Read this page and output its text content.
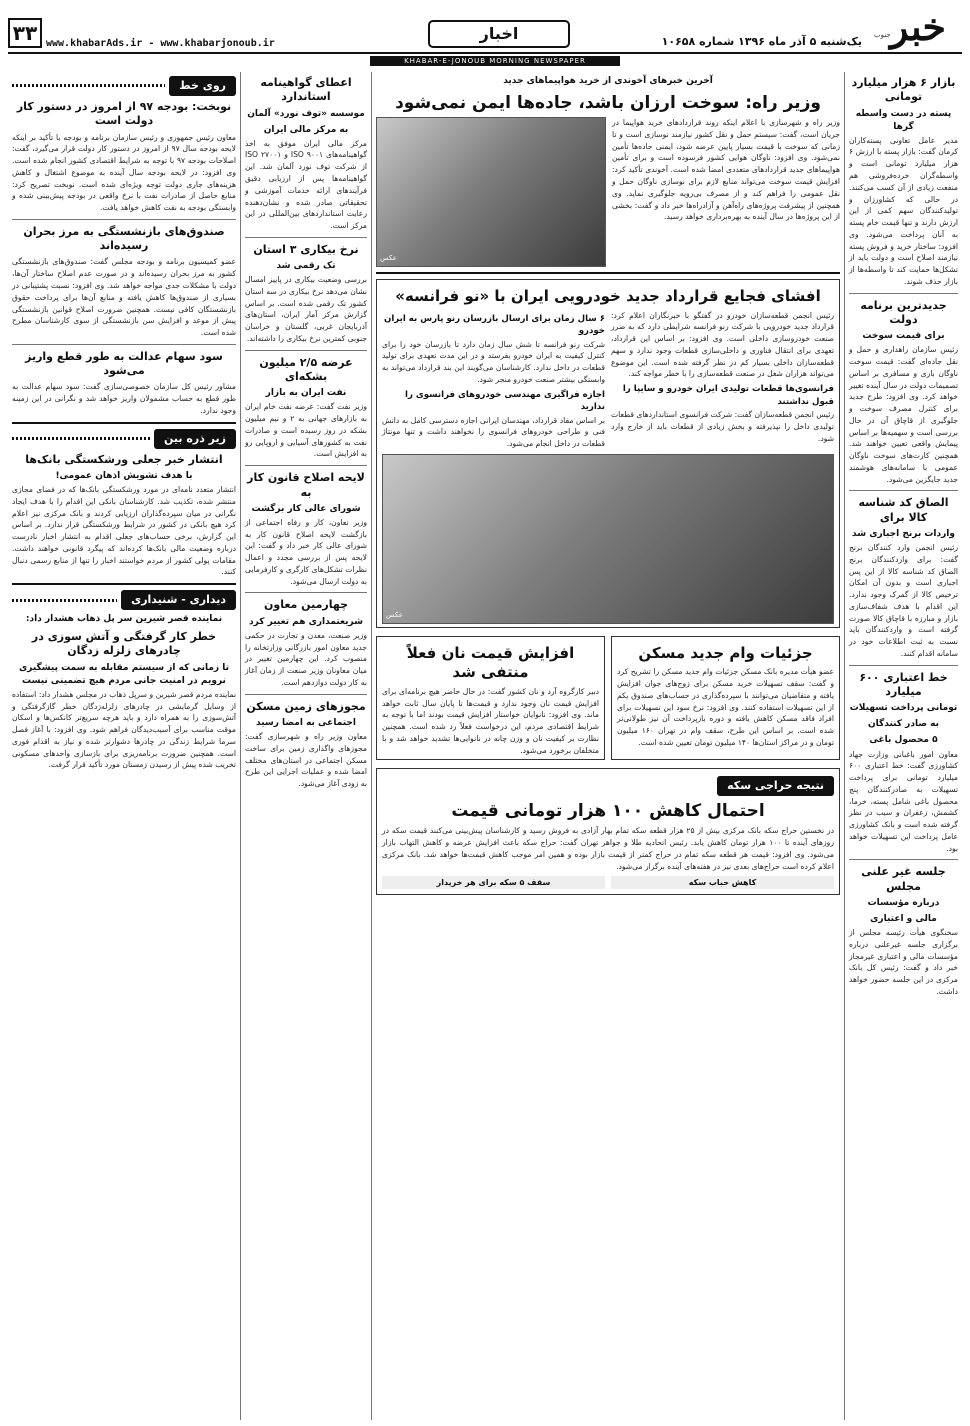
خبر
جنوب
یک‌شنبه ۵ آذر ماه ۱۳۹۶ شماره ۱۰۶۵۸
اخبار
www.khabarAds.ir - www.khabarjonoub.ir
۳۳
KHABAR-E-JONOUB MORNING NEWSPAPER
بازار ۶ هزار میلیارد تومانی
پسته در دست واسطه گرها
مدیر عامل تعاونی پسته‌کاران کرمان گفت: بازار پسته با ارزش ۶ هزار میلیارد تومانی است و واسطه‌گران خرده‌فروشی هم منفعت زیادی از آن کسب می‌کنند. در حالی که کشاورزان و تولیدکنندگان سهم کمی از این ارزش دارند و تنها قیمت خام پسته به آنان پرداخت می‌شود. وی افزود: ساختار خرید و فروش پسته نیازمند اصلاح است و دولت باید از تشکل‌ها حمایت کند تا واسطه‌ها از بازار حذف شوند.
جدیدترین برنامه دولت
برای قیمت سوخت
رئیس سازمان راهداری و حمل و نقل جاده‌ای گفت: قیمت سوخت ناوگان باری و مسافری بر اساس تصمیمات دولت در سال آینده تغییر خواهد کرد. وی افزود: طرح جدید برای کنترل مصرف سوخت و جلوگیری از قاچاق آن در حال بررسی است و سهمیه‌ها بر اساس پیمایش واقعی تعیین خواهند شد. همچنین کارت‌های سوخت ناوگان عمومی با سامانه‌های هوشمند جدید جایگزین می‌شود.
الصاق کد شناسه کالا برای
واردات برنج اجباری شد
رئیس انجمن وارد کنندگان برنج گفت: برای واردکنندگان برنج الصاق کد شناسه کالا از این پس اجباری است و بدون آن امکان ترخیص کالا از گمرک وجود ندارد. این اقدام با هدف شفاف‌سازی بازار و مبارزه با قاچاق کالا صورت گرفته است و واردکنندگان باید نسبت به ثبت اطلاعات خود در سامانه اقدام کنند.
خط اعتباری ۶۰۰ میلیارد
تومانی پرداخت تسهیلات
به صادر کنندگان
۵ محصول باغی
معاون امور باغبانی وزارت جهاد کشاورزی گفت: خط اعتباری ۶۰۰ میلیارد تومانی برای پرداخت تسهیلات به صادرکنندگان پنج محصول باغی شامل پسته، خرما، کشمش، زعفران و سیب در نظر گرفته شده است و بانک کشاورزی عامل پرداخت این تسهیلات خواهد بود.
جلسه غیر علنی مجلس
درباره مؤسسات
مالی و اعتباری
سخنگوی هیأت رئیسه مجلس از برگزاری جلسه غیرعلنی درباره مؤسسات مالی و اعتباری غیرمجاز خبر داد و گفت: رئیس کل بانک مرکزی در این جلسه حضور خواهد داشت.
آخرین خبرهای آخوندی از خرید هواپیماهای جدید
وزیر راه: سوخت ارزان باشد، جاده‌ها ایمن نمی‌شود
وزیر راه و شهرسازی با اعلام اینکه روند قراردادهای خرید هواپیما در جریان است، گفت: سیستم حمل و نقل کشور نیازمند نوسازی است و تا زمانی که سوخت با قیمت بسیار پایین عرضه شود، ایمنی جاده‌ها تأمین نمی‌شود. وی افزود: ناوگان هوایی کشور فرسوده است و برای تأمین هواپیماهای جدید قراردادهای متعددی امضا شده است. آخوندی تأکید کرد: افزایش قیمت سوخت می‌تواند منابع لازم برای نوسازی ناوگان حمل و نقل عمومی را فراهم کند و از مصرف بی‌رویه جلوگیری نماید. وی همچنین از پیشرفت پروژه‌های راه‌آهن و آزادراه‌ها خبر داد و گفت: بخشی از این پروژه‌ها در سال آینده به بهره‌برداری خواهد رسید.
عکس
افشای فجایع قرارداد جدید خودرویی ایران با «نو فرانسه»
رئیس انجمن قطعه‌سازان خودرو در گفتگو با خبرنگاران اعلام کرد: قرارداد جدید خودرویی با شرکت رنو فرانسه شرایطی دارد که به ضرر صنعت خودروسازی داخلی است. وی افزود: بر اساس این قرارداد، تعهدی برای انتقال فناوری و داخلی‌سازی قطعات وجود ندارد و سهم قطعه‌سازان داخلی بسیار کم در نظر گرفته شده است. این موضوع می‌تواند هزاران شغل در صنعت قطعه‌سازی را با خطر مواجه کند.
فرانسوی‌ها قطعات تولیدی ایران خودرو و سایپا را قبول نداشتند
رئیس انجمن قطعه‌سازان گفت: شرکت فرانسوی استانداردهای قطعات تولیدی داخل را نپذیرفته و بخش زیادی از قطعات باید از خارج وارد شود.
۶ سال زمان برای ارسال بازرسان رنو پارس به ایران خودرو
شرکت رنو فرانسه تا شش سال زمان دارد تا بازرسان خود را برای کنترل کیفیت به ایران خودرو بفرستد و در این مدت تعهدی برای تولید قطعات در داخل ندارد. کارشناسان می‌گویند این بند قرارداد می‌تواند به وابستگی بیشتر صنعت خودرو منجر شود.
اجازه فراگیری مهندسی خودروهای فرانسوی را ندارید
بر اساس مفاد قرارداد، مهندسان ایرانی اجازه دسترسی کامل به دانش فنی و طراحی خودروهای فرانسوی را نخواهند داشت و تنها مونتاژ قطعات در داخل انجام می‌شود.
عکس
جزئیات وام جدید مسکن
عضو هیأت مدیره بانک مسکن جزئیات وام جدید مسکن را تشریح کرد و گفت: سقف تسهیلات خرید مسکن برای زوج‌های جوان افزایش یافته و متقاضیان می‌توانند با سپرده‌گذاری در حساب‌های صندوق یکم از این تسهیلات استفاده کنند. وی افزود: نرخ سود این تسهیلات برای افراد فاقد مسکن کاهش یافته و دوره بازپرداخت آن نیز طولانی‌تر شده است. بر اساس این طرح، سقف وام در تهران ۱۶۰ میلیون تومان و در مراکز استان‌ها ۱۴۰ میلیون تومان تعیین شده است.
افزایش قیمت نان فعلاً منتفی شد
دبیر کارگروه آرد و نان کشور گفت: در حال حاضر هیچ برنامه‌ای برای افزایش قیمت نان وجود ندارد و قیمت‌ها تا پایان سال ثابت خواهد ماند. وی افزود: نانوایان خواستار افزایش قیمت بودند اما با توجه به شرایط اقتصادی مردم، این درخواست فعلاً رد شده است. همچنین نظارت بر کیفیت نان و وزن چانه در نانوایی‌ها تشدید خواهد شد و با متخلفان برخورد می‌شود.
نتیجه حراجی سکه
احتمال کاهش ۱۰۰ هزار تومانی قیمت
در نخستین حراج سکه بانک مرکزی بیش از ۲۵ هزار قطعه سکه تمام بهار آزادی به فروش رسید و کارشناسان پیش‌بینی می‌کنند قیمت سکه در روزهای آینده تا ۱۰۰ هزار تومان کاهش یابد. رئیس اتحادیه طلا و جواهر تهران گفت: حراج سکه باعث افزایش عرضه و کاهش التهاب بازار می‌شود. وی افزود: قیمت هر قطعه سکه تمام در حراج کمتر از قیمت بازار بوده و همین امر موجب کاهش قیمت‌ها خواهد شد. بانک مرکزی اعلام کرده است حراج‌های بعدی نیز در هفته‌های آینده برگزار می‌شود.
کاهش حباب سکه
سقف ۵ سکه برای هر خریدار
اعطای گواهینامه استاندارد
موسسه «توف نورد» آلمان
به مرکز مالی ایران
مرکز مالی ایران موفق به اخذ گواهینامه‌های ISO ۹۰۰۱ و ISO ۲۷۰۰۱ از شرکت توف نورد آلمان شد. این گواهینامه‌ها پس از ارزیابی دقیق فرآیندهای ارائه خدمات آموزشی و تحقیقاتی صادر شده و نشان‌دهنده رعایت استانداردهای بین‌المللی در این مرکز است.
نرخ بیکاری ۳ استان
تک رقمی شد
بررسی وضعیت بیکاری در پاییز امسال نشان می‌دهد نرخ بیکاری در سه استان کشور تک رقمی شده است. بر اساس گزارش مرکز آمار ایران، استان‌های آذربایجان غربی، گلستان و خراسان جنوبی کمترین نرخ بیکاری را داشته‌اند.
عرضه ۲/۵ میلیون بشکه‌ای
نفت ایران به بازار
وزیر نفت گفت: عرضه نفت خام ایران به بازارهای جهانی به ۲ و نیم میلیون بشکه در روز رسیده است و صادرات نفت به کشورهای آسیایی و اروپایی رو به افزایش است.
لایحه اصلاح قانون کار به
شورای عالی کار برگشت
وزیر تعاون، کار و رفاه اجتماعی از بازگشت لایحه اصلاح قانون کار به شورای عالی کار خبر داد و گفت: این لایحه پس از بررسی مجدد و اعمال نظرات تشکل‌های کارگری و کارفرمایی به دولت ارسال می‌شود.
چهارمین معاون
شریعتمداری هم تغییر کرد
وزیر صنعت، معدن و تجارت در حکمی جدید معاون امور بازرگانی وزارتخانه را منصوب کرد. این چهارمین تغییر در میان معاونان وزیر صنعت از زمان آغاز به کار دولت دوازدهم است.
مجوزهای زمین مسکن
اجتماعی به امضا رسید
معاون وزیر راه و شهرسازی گفت: مجوزهای واگذاری زمین برای ساخت مسکن اجتماعی در استان‌های مختلف امضا شده و عملیات اجرایی این طرح به زودی آغاز می‌شود.
روی خط
نوبخت: بودجه ۹۷ از امروز در دستور کار دولت است
معاون رئیس جمهوری و رئیس سازمان برنامه و بودجه با تأکید بر اینکه لایحه بودجه سال ۹۷ از امروز در دستور کار دولت قرار می‌گیرد، گفت: اصلاحات بودجه ۹۷ با توجه به شرایط اقتصادی کشور انجام شده است. وی افزود: در لایحه بودجه سال آینده به موضوع اشتغال و کاهش هزینه‌های جاری دولت توجه ویژه‌ای شده است. نوبخت تصریح کرد: منابع حاصل از صادرات نفت با نرخ واقعی در بودجه پیش‌بینی شده و وابستگی بودجه به نفت کاهش خواهد یافت.
صندوق‌های بازنشستگی به مرز بحران رسیده‌اند
عضو کمیسیون برنامه و بودجه مجلس گفت: صندوق‌های بازنشستگی کشور به مرز بحران رسیده‌اند و در صورت عدم اصلاح ساختار آن‌ها، دولت با مشکلات جدی مواجه خواهد شد. وی افزود: نسبت پشتیبانی در بسیاری از صندوق‌ها کاهش یافته و منابع آن‌ها برای پرداخت حقوق بازنشستگان کافی نیست. همچنین ضرورت اصلاح قوانین بازنشستگی پیش از موعد و افزایش سن بازنشستگی از سوی کارشناسان مطرح شده است.
سود سهام عدالت به طور قطع واریز می‌شود
مشاور رئیس کل سازمان خصوصی‌سازی گفت: سود سهام عدالت به طور قطع به حساب مشمولان واریز خواهد شد و نگرانی در این زمینه وجود ندارد.
زیر ذره بین
انتشار خبر جعلی ورشکستگی بانک‌ها
با هدف تشویش اذهان عمومی!
انتشار متعدد نامه‌ای در مورد ورشکستگی بانک‌ها که در فضای مجازی منتشر شده، تکذیب شد. کارشناسان بانکی این اقدام را با هدف ایجاد نگرانی در میان سپرده‌گذاران ارزیابی کردند و بانک مرکزی نیز اعلام کرد هیچ بانکی در کشور در شرایط ورشکستگی قرار ندارد. بر اساس این گزارش، برخی حساب‌های جعلی اقدام به انتشار اخبار نادرست درباره وضعیت مالی بانک‌ها کرده‌اند که پیگرد قانونی خواهند داشت. مقامات پولی کشور از مردم خواستند اخبار را تنها از منابع رسمی دنبال کنند.
دیداری - شنیداری
نماینده قصر شیرین سر پل ذهاب هشدار داد:
خطر کار گرفتگی و آتش سوزی در چادرهای زلزله زدگان
تا زمانی که از سیستم مقابله به سمت پیشگیری نرویم در امنیت جانی مردم هیچ تضمینی نیست
نماینده مردم قصر شیرین و سرپل ذهاب در مجلس هشدار داد: استفاده از وسایل گرمایشی در چادرهای زلزله‌زدگان خطر گازگرفتگی و آتش‌سوزی را به همراه دارد و باید هرچه سریع‌تر کانکس‌ها و اسکان موقت مناسب برای آسیب‌دیدگان فراهم شود. وی افزود: با آغاز فصل سرما شرایط زندگی در چادرها دشوارتر شده و نیاز به اقدام فوری است. همچنین ضرورت برنامه‌ریزی برای بازسازی واحدهای مسکونی تخریب شده پیش از رسیدن زمستان مورد تأکید قرار گرفت.
